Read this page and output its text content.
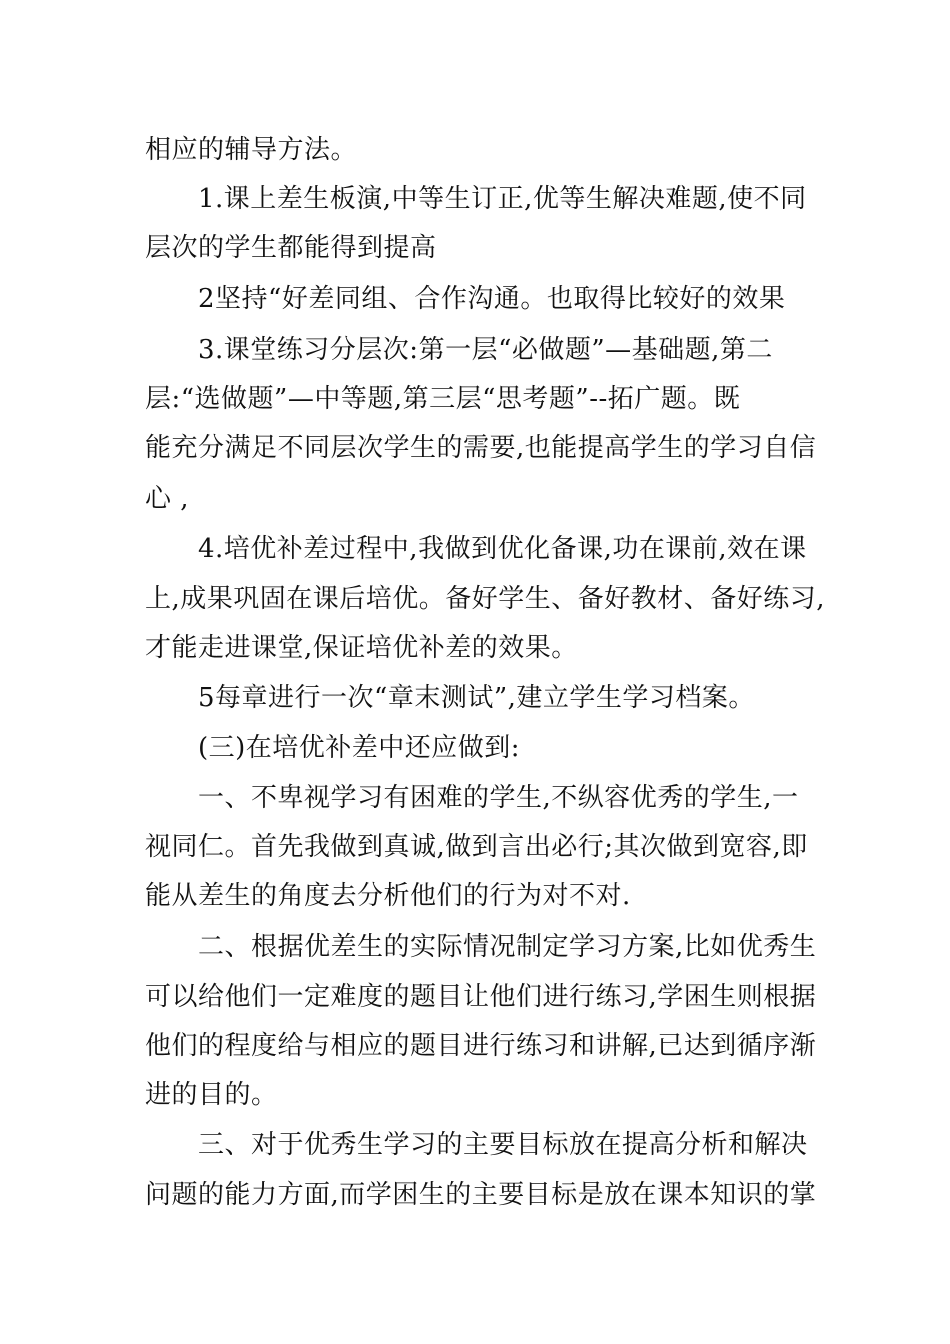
相应的辅导方法。
1.课上差生板演,中等生订正,优等生解决难题,使不同
层次的学生都能得到提高
2坚持“好差同组、合作沟通。也取得比较好的效果
3.课堂练习分层次:第一层“必做题”—基础题,第二
层:“选做题”—中等题,第三层“思考题”--拓广题。既
能充分满足不同层次学生的需要,也能提高学生的学习自信
心 ,
4.培优补差过程中,我做到优化备课,功在课前,效在课
上,成果巩固在课后培优。备好学生、备好教材、备好练习,
才能走进课堂,保证培优补差的效果。
5每章进行一次“章末测试”,建立学生学习档案。
(三)在培优补差中还应做到:
一、不卑视学习有困难的学生,不纵容优秀的学生,一
视同仁。首先我做到真诚,做到言出必行;其次做到宽容,即
能从差生的角度去分析他们的行为对不对.
二、根据优差生的实际情况制定学习方案,比如优秀生
可以给他们一定难度的题目让他们进行练习,学困生则根据
他们的程度给与相应的题目进行练习和讲解,已达到循序渐
进的目的。
三、对于优秀生学习的主要目标放在提高分析和解决
问题的能力方面,而学困生的主要目标是放在课本知识的掌
